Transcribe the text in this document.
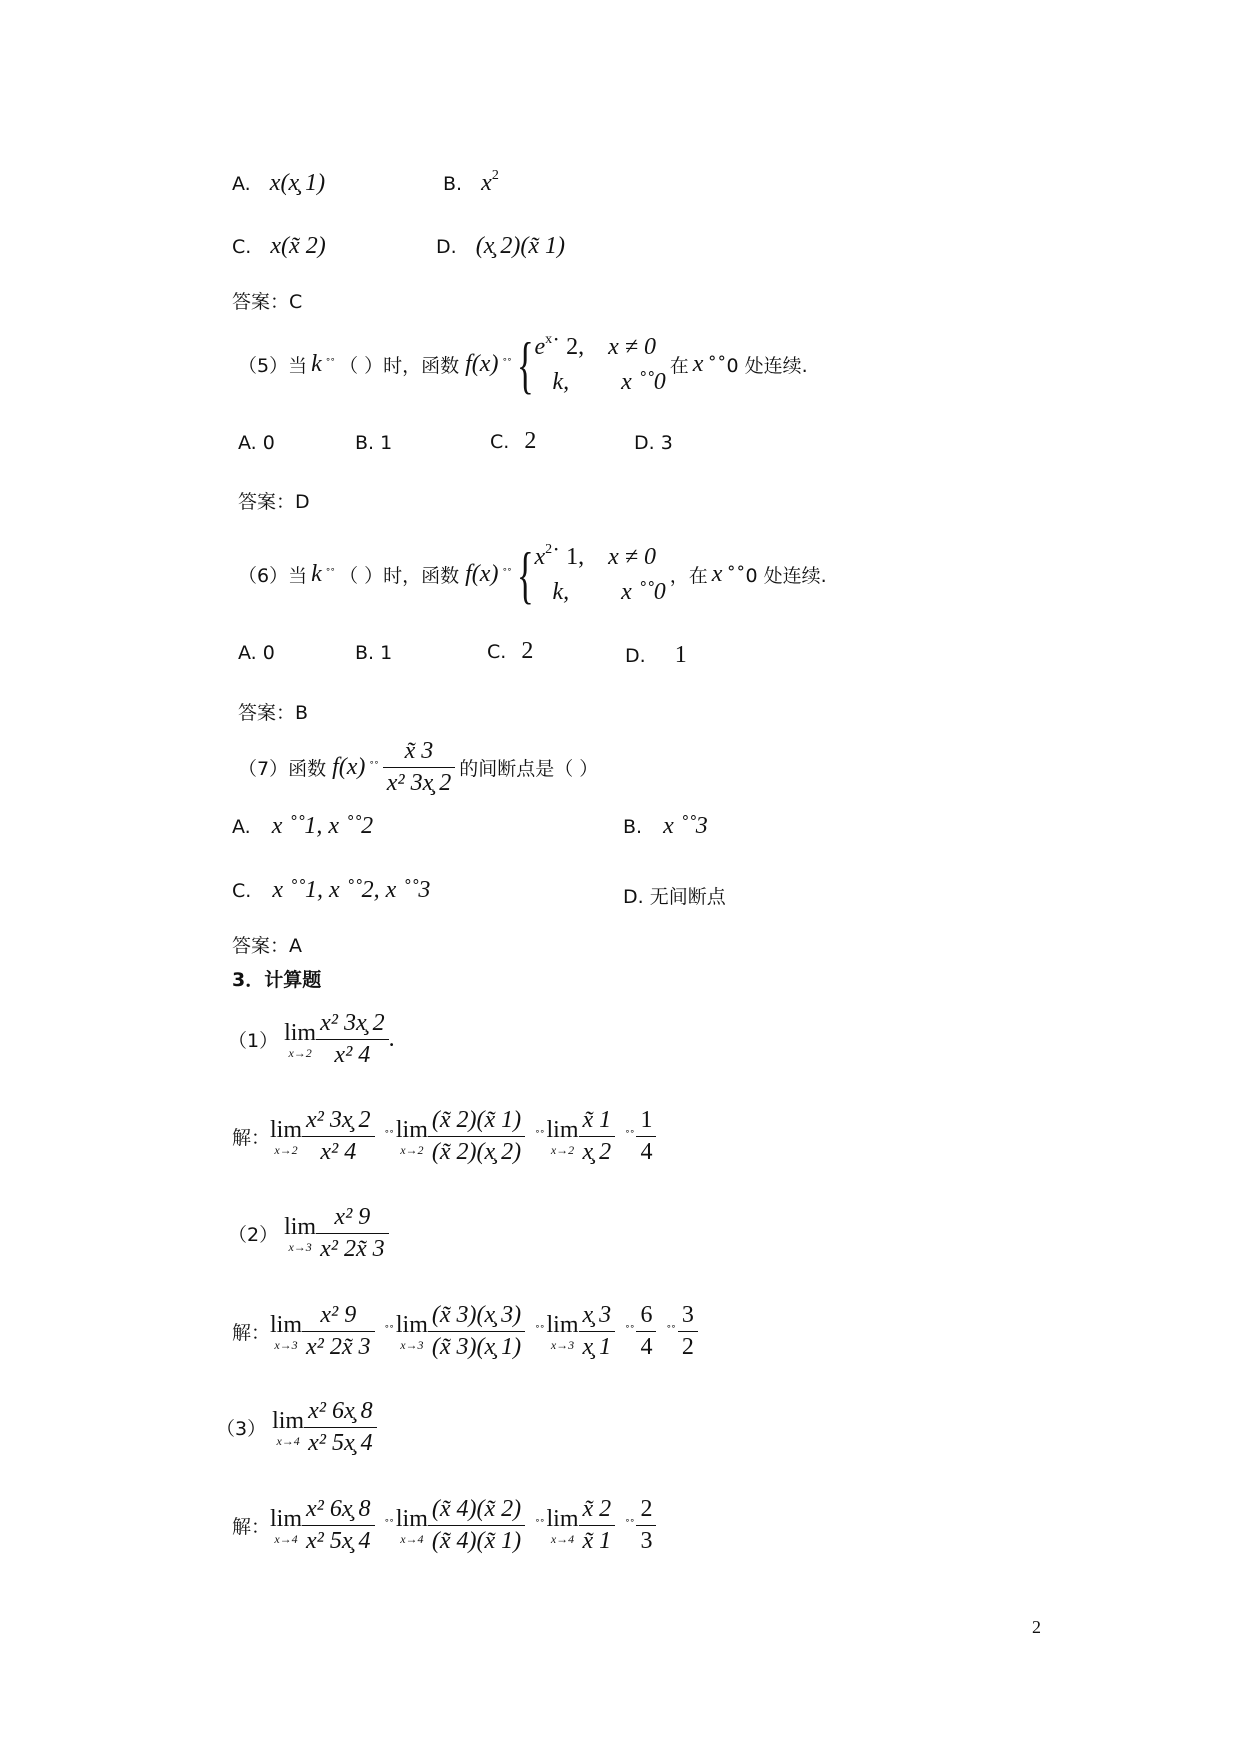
A. x(x̧ 1)	B. x2
C. x(x̃ 2)	D. (x̧ 2)(x̃ 1)
答案：C
（5）当 k ˚˚ （ ）时，函数 f(x) ˚˚ { $e^x˙$ 2, x ≠ 0
k, x ˚˚0
在 x ˚˚0 处连续.
A. 0	B. 1	C. 2	D. 3
答案：D
（6）当 k ˚˚ （ ）时，函数 f(x) ˚˚ { $x^2˙$ 1, x ≠ 0
k, x ˚˚0
，在 x ˚˚0 处连续.
A. 0	B. 1	C. 2	D. 1
答案：B
（7）函数 f(x) ˚˚ $\frac{x̃ 3}{\text{x² 3x̧ 2}}$ 的间断点是（ ）
A. x ˚˚1, x ˚˚2	B. x ˚˚3
C. x ˚˚1, x ˚˚2, x ˚˚3	D. 无间断点
答案：A
3．计算题
（1） lim
$x\to 2 \frac{\text{x² 3x̧ 2}}{\text{x² 4}}$ .
解： lim
$x\to 2 \frac{\text{x² 3x̧ 2}}{\text{x² 4}}$ ˚˚ lim
$x\to 2 \frac{(x̃ 2)(x̃ 1)}{(x̃ 2)(x̧ 2)}$ ˚˚ lim
$x\to 2 \frac{x̃ 1}{x̧ 2}$ ˚˚ $\frac{1}{4}$
（2） lim
$x\to 3 \frac{\text{x² 9}}{\text{x² 2x̃ 3}}$
解： lim
$x\to 3 \frac{\text{x² 9}}{\text{x² 2x̃ 3}}$ ˚˚ lim
$x\to 3 \frac{(x̃ 3)(x̧ 3)}{(x̃ 3)(x̧ 1)}$ ˚˚ lim
$x\to 3 \frac{x̧ 3}{x̧ 1}$ ˚˚ $\frac{6}{4}$ ˚˚ $\frac{3}{2}$
（3） lim
$x\to 4 \frac{\text{x² 6x̧ 8}}{\text{x² 5x̧ 4}}$
解： lim
$x\to 4 \frac{\text{x² 6x̧ 8}}{\text{x² 5x̧ 4}}$ ˚˚ lim
$x\to 4 \frac{(x̃ 4)(x̃ 2)}{(x̃ 4)(x̃ 1)}$ ˚˚ lim
$x\to 4 \frac{x̃ 2}{x̃ 1}$ ˚˚ $\frac{2}{3}$
2
